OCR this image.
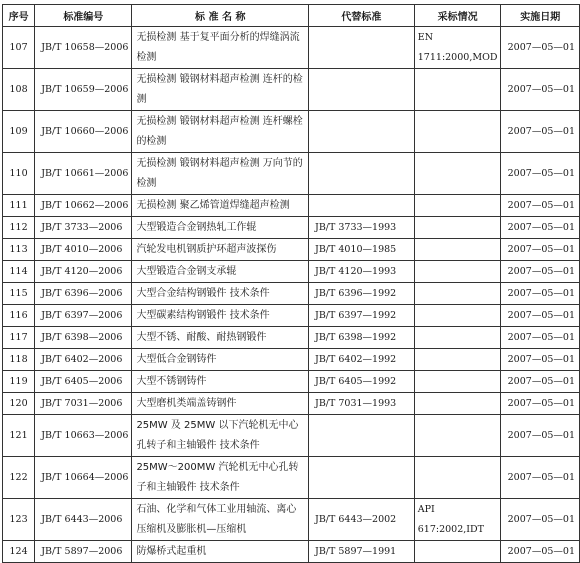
序号	标准编号	标 准 名 称	代替标准	采标情况	实施日期
107	JB/T 10658—2006	无损检测 基于复平面分析的焊缝涡流检测		EN 1711:2000,MOD	2007—05—01
108	JB/T 10659—2006	无损检测 锻钢材料超声检测 连杆的检测			2007—05—01
109	JB/T 10660—2006	无损检测 锻钢材料超声检测 连杆螺栓的检测			2007—05—01
110	JB/T 10661—2006	无损检测 锻钢材料超声检测 万向节的检测			2007—05—01
111	JB/T 10662—2006	无损检测 聚乙烯管道焊缝超声检测			2007—05—01
112	JB/T 3733—2006	大型锻造合金钢热轧工作辊	JB/T 3733—1993		2007—05—01
113	JB/T 4010—2006	汽轮发电机钢质护环超声波探伤	JB/T 4010—1985		2007—05—01
114	JB/T 4120—2006	大型锻造合金钢支承辊	JB/T 4120—1993		2007—05—01
115	JB/T 6396—2006	大型合金结构钢锻件 技术条件	JB/T 6396—1992		2007—05—01
116	JB/T 6397—2006	大型碳素结构钢锻件 技术条件	JB/T 6397—1992		2007—05—01
117	JB/T 6398—2006	大型不锈、耐酸、耐热钢锻件	JB/T 6398—1992		2007—05—01
118	JB/T 6402—2006	大型低合金钢铸件	JB/T 6402—1992		2007—05—01
119	JB/T 6405—2006	大型不锈钢铸件	JB/T 6405—1992		2007—05—01
120	JB/T 7031—2006	大型磨机类端盖铸钢件	JB/T 7031—1993		2007—05—01
121	JB/T 10663—2006	25MW 及 25MW 以下汽轮机无中心孔转子和主轴锻件 技术条件			2007—05—01
122	JB/T 10664—2006	25MW～200MW 汽轮机无中心孔转子和主轴锻件 技术条件			2007—05—01
123	JB/T 6443—2006	石油、化学和气体工业用轴流、离心压缩机及膨胀机—压缩机	JB/T 6443—2002	API 617:2002,IDT	2007—05—01
124	JB/T 5897—2006	防爆桥式起重机	JB/T 5897—1991		2007—05—01
